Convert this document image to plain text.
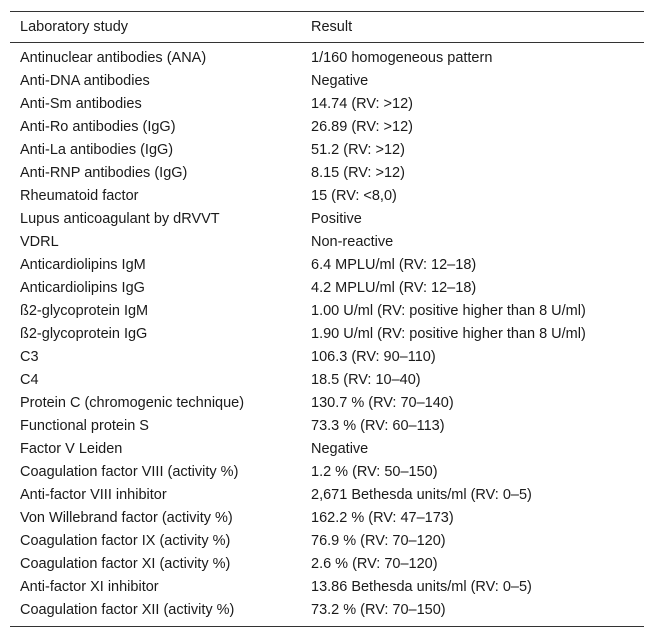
Laboratory study	Result
Antinuclear antibodies (ANA)	1/160 homogeneous pattern
Anti-DNA antibodies	Negative
Anti-Sm antibodies	14.74 (RV: >12)
Anti-Ro antibodies (IgG)	26.89 (RV: >12)
Anti-La antibodies (IgG)	51.2 (RV: >12)
Anti-RNP antibodies (IgG)	8.15 (RV: >12)
Rheumatoid factor	15 (RV: <8,0)
Lupus anticoagulant by dRVVT	Positive
VDRL	Non-reactive
Anticardiolipins IgM	6.4 MPLU/ml (RV: 12–18)
Anticardiolipins IgG	4.2 MPLU/ml (RV: 12–18)
ß2-glycoprotein IgM	1.00 U/ml (RV: positive higher than 8 U/ml)
ß2-glycoprotein IgG	1.90 U/ml (RV: positive higher than 8 U/ml)
C3	106.3 (RV: 90–110)
C4	18.5 (RV: 10–40)
Protein C (chromogenic technique)	130.7 % (RV: 70–140)
Functional protein S	73.3 % (RV: 60–113)
Factor V Leiden	Negative
Coagulation factor VIII (activity %)	1.2 % (RV: 50–150)
Anti-factor VIII inhibitor	2,671 Bethesda units/ml (RV: 0–5)
Von Willebrand factor (activity %)	162.2 % (RV: 47–173)
Coagulation factor IX (activity %)	76.9 % (RV: 70–120)
Coagulation factor XI (activity %)	2.6 % (RV: 70–120)
Anti-factor XI inhibitor	13.86 Bethesda units/ml (RV: 0–5)
Coagulation factor XII (activity %)	73.2 % (RV: 70–150)
